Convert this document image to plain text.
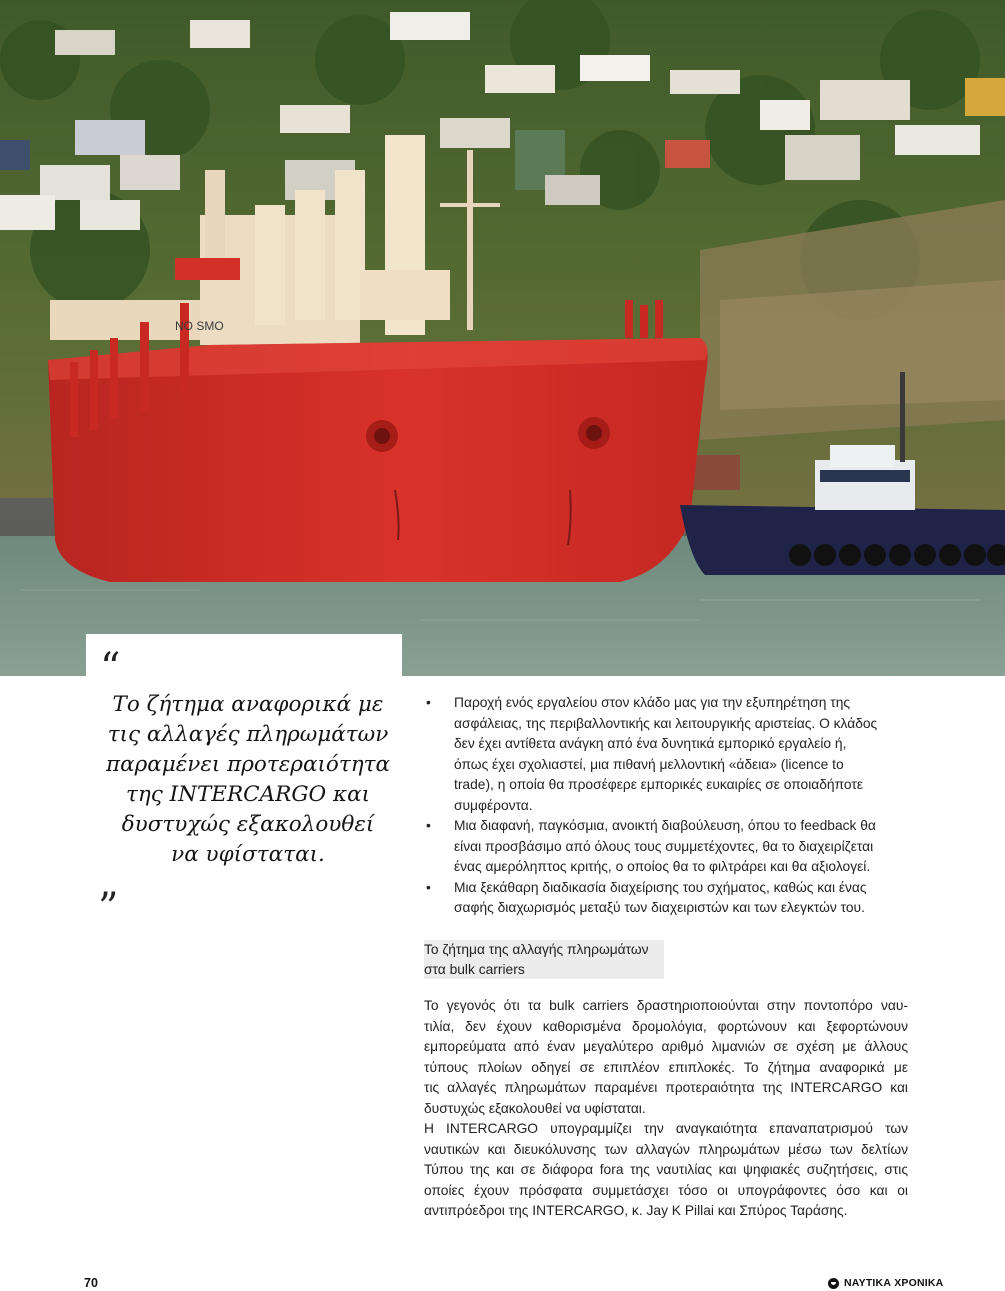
NO SMO
“
”

Το ζήτημα αναφορικά με
τις αλλαγές πληρωμάτων
παραμένει προτεραιότητα
της INTERCARGO και
δυστυχώς εξακολουθεί
να υφίσταται.

• Παροχή ενός εργαλείου στον κλάδο μας για την εξυπηρέτηση της
ασφάλειας, της περιβαλλοντικής και λειτουργικής αριστείας. Ο κλάδος
δεν έχει αντίθετα ανάγκη από ένα δυνητικά εμπορικό εργαλείο ή,
όπως έχει σχολιαστεί, μια πιθανή μελλοντική «άδεια» (licence to
trade), η οποία θα προσέφερε εμπορικές ευκαιρίες σε οποιαδήποτε
συμφέροντα.
• Μια διαφανή, παγκόσμια, ανοικτή διαβούλευση, όπου το feedback θα
είναι προσβάσιμο από όλους τους συμμετέχοντες, θα το διαχειρίζεται
ένας αμερόληπτος κριτής, ο οποίος θα το φιλτράρει και θα αξιολογεί.
• Μια ξεκάθαρη διαδικασία διαχείρισης του σχήματος, καθώς και ένας
σαφής διαχωρισμός μεταξύ των διαχειριστών και των ελεγκτών του.
Το ζήτημα της αλλαγής πληρωμάτων
στα bulk carriers
Το γεγονός ότι τα bulk carriers δραστηριοποιούνται στην ποντοπόρο ναυ-
τιλία, δεν έχουν καθορισμένα δρομολόγια, φορτώνουν και ξεφορτώνουν
εμπορεύματα από έναν μεγαλύτερο αριθμό λιμανιών σε σχέση με άλλους
τύπους πλοίων οδηγεί σε επιπλέον επιπλοκές. Το ζήτημα αναφορικά με
τις αλλαγές πληρωμάτων παραμένει προτεραιότητα της INTERCARGO και
δυστυχώς εξακολουθεί να υφίσταται.
Η INTERCARGO υπογραμμίζει την αναγκαιότητα επαναπατρισμού των
ναυτικών και διευκόλυνσης των αλλαγών πληρωμάτων μέσω των δελτίων
Τύπου της και σε διάφορα fora της ναυτιλίας και ψηφιακές συζητήσεις, στις
οποίες έχουν πρόσφατα συμμετάσχει τόσο οι υπογράφοντες όσο και οι
αντιπρόεδροι της INTERCARGO, κ. Jay K Pillai και Σπύρος Ταράσης.
70	ΝΑΥΤΙΚΑ ΧΡΟΝΙΚΑ
